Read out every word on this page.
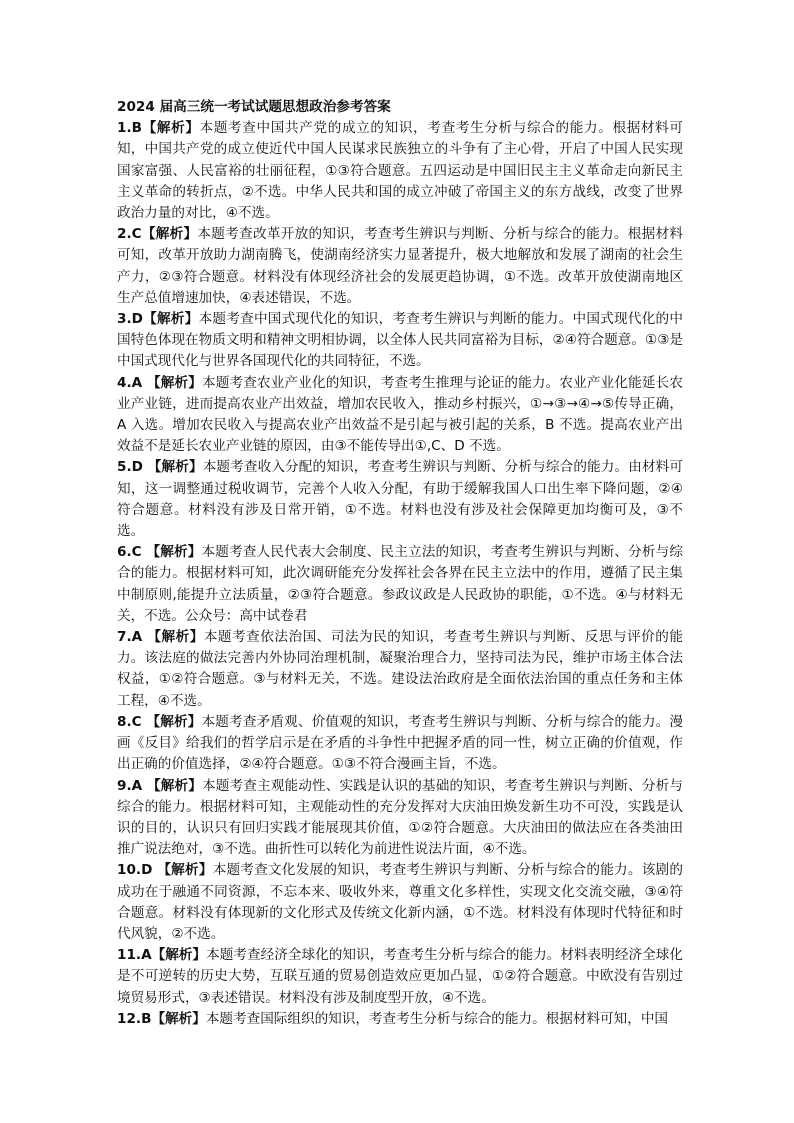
2024 届高三统一考试试题思想政治参考答案

1.B【解析】本题考查中国共产党的成立的知识，考查考生分析与综合的能力。根据材料可知，中国共产党的成立使近代中国人民谋求民族独立的斗争有了主心骨，开启了中国人民实现国家富强、人民富裕的壮丽征程，①③符合题意。五四运动是中国旧民主主义革命走向新民主主义革命的转折点，②不选。中华人民共和国的成立冲破了帝国主义的东方战线，改变了世界政治力量的对比，④不选。

2.C【解析】本题考查改革开放的知识，考查考生辨识与判断、分析与综合的能力。根据材料可知，改革开放助力湖南腾飞，使湖南经济实力显著提升，极大地解放和发展了湖南的社会生产力，②③符合题意。材料没有体现经济社会的发展更趋协调，①不选。改革开放使湖南地区生产总值增速加快，④表述错误，不选。

3.D【解析】本题考查中国式现代化的知识，考查考生辨识与判断的能力。中国式现代化的中国特色体现在物质文明和精神文明相协调，以全体人民共同富裕为目标，②④符合题意。①③是中国式现代化与世界各国现代化的共同特征，不选。

4.A 【解析】本题考查农业产业化的知识，考查考生推理与论证的能力。农业产业化能延长农业产业链，进而提高农业产出效益，增加农民收入，推动乡村振兴，①→③→④→⑤传导正确，A 入选。增加农民收入与提高农业产出效益不是引起与被引起的关系，B 不选。提高农业产出效益不是延长农业产业链的原因，由③不能传导出①,C、D 不选。

5.D 【解析】本题考查收入分配的知识，考查考生辨识与判断、分析与综合的能力。由材料可知，这一调整通过税收调节，完善个人收入分配，有助于缓解我国人口出生率下降问题，②④符合题意。材料没有涉及日常开销，①不选。材料也没有涉及社会保障更加均衡可及，③不选。

6.C 【解析】本题考查人民代表大会制度、民主立法的知识，考查考生辨识与判断、分析与综合的能力。根据材料可知，此次调研能充分发挥社会各界在民主立法中的作用，遵循了民主集中制原则,能提升立法质量，②③符合题意。参政议政是人民政协的职能，①不选。④与材料无关，不选。公众号：高中试卷君

7.A 【解析】本题考查依法治国、司法为民的知识，考查考生辨识与判断、反思与评价的能力。该法庭的做法完善内外协同治理机制，凝聚治理合力，坚持司法为民，维护市场主体合法权益，①②符合题意。③与材料无关，不选。建设法治政府是全面依法治国的重点任务和主体工程，④不选。

8.C 【解析】本题考查矛盾观、价值观的知识，考查考生辨识与判断、分析与综合的能力。漫画《反目》给我们的哲学启示是在矛盾的斗争性中把握矛盾的同一性，树立正确的价值观，作出正确的价值选择，②④符合题意。①③不符合漫画主旨，不选。

9.A 【解析】本题考查主观能动性、实践是认识的基础的知识，考查考生辨识与判断、分析与综合的能力。根据材料可知，主观能动性的充分发挥对大庆油田焕发新生功不可没，实践是认识的目的，认识只有回归实践才能展现其价值，①②符合题意。大庆油田的做法应在各类油田推广说法绝对，③不选。曲折性可以转化为前进性说法片面，④不选。

10.D 【解析】本题考查文化发展的知识，考查考生辨识与判断、分析与综合的能力。该剧的成功在于融通不同资源，不忘本来、吸收外来，尊重文化多样性，实现文化交流交融，③④符合题意。材料没有体现新的文化形式及传统文化新内涵，①不选。材料没有体现时代特征和时代风貌，②不选。

11.A【解析】本题考查经济全球化的知识，考查考生分析与综合的能力。材料表明经济全球化是不可逆转的历史大势，互联互通的贸易创造效应更加凸显，①②符合题意。中欧没有告别过境贸易形式，③表述错误。材料没有涉及制度型开放，④不选。

12.B【解析】本题考查国际组织的知识，考查考生分析与综合的能力。根据材料可知，中国
